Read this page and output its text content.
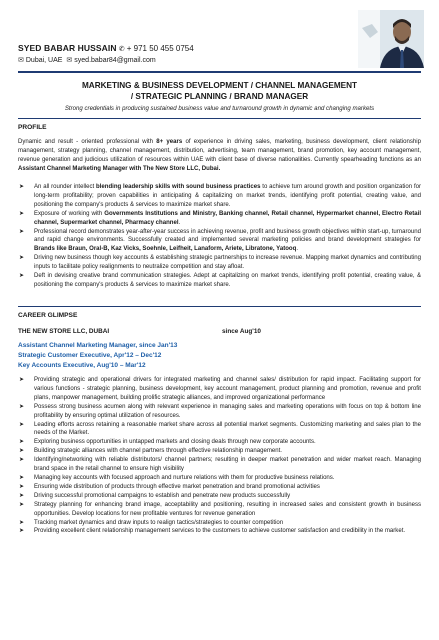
SYED BABAR HUSSAIN ✆ + 971 50 455 0754
✉ Dubai, UAE ✉ syed.babar84@gmail.com
MARKETING & BUSINESS DEVELOPMENT / CHANNEL MANAGEMENT
/ STRATEGIC PLANNING / BRAND MANAGER
Strong credentials in producing sustained business value and turnaround growth in dynamic and changing markets
PROFILE
Dynamic and result - oriented professional with 8+ years of experience in driving sales, marketing, business development, client relationship management, strategy planning, channel management, distribution, advertising, team management, brand promotion, key account management, revenue generation and judicious utilization of resources within UAE with client base of diverse nationalities. Currently spearheading functions as an Assistant Channel Marketing Manager with The New Store LLC, Dubai.
➤ An all rounder intellect blending leadership skills with sound business practices to achieve turn around growth and position organization for long-term profitability; proven capabilities in anticipating & capitalizing on market trends, identifying profit potential, creating value, and positioning the company's products & services to maximize market share.
➤ Exposure of working with Governments Institutions and Ministry, Banking channel, Retail channel, Hypermarket channel, Electro Retail channel, Supermarket channel, Pharmacy channel.
➤ Professional record demonstrates year-after-year success in achieving revenue, profit and business growth objectives within start-up, turnaround and rapid change environments. Successfully created and implemented several marketing policies and brand development strategies for Brands like Braun, Oral-B, Kaz Vicks, Soehnle, Leifheit, Lanaform, Ariete, Libratone, Yatooq.
➤ Driving new business though key accounts & establishing strategic partnerships to increase revenue. Mapping market dynamics and contributing inputs to facilitate policy realignments to neutralize competition and stay afloat.
➤ Deft in devising creative brand communication strategies. Adept at capitalizing on market trends, identifying profit potential, creating value, & positioning the company's products & services to maximize market share.
CAREER GLIMPSE
THE NEW STORE LLC, DUBAI	since Aug'10
Assistant Channel Marketing Manager, since Jan'13
Strategic Customer Executive, Apr'12 – Dec'12
Key Accounts Executive, Aug'10 – Mar'12
➤ Providing strategic and operational drivers for integrated marketing and channel sales/ distribution for rapid impact. Facilitating support for various functions - strategic planning, business development, key account management, product planning and promotion, revenue and profit plans, manpower management, building prolific strategic alliances, and improved organizational performance
➤ Possess strong business acumen along with relevant experience in managing sales and marketing operations with focus on top & bottom line profitability by ensuring optimal utilization of resources.
➤ Leading efforts across retaining a reasonable market share across all potential market segments. Customizing marketing and sales plan to the needs of the Market.
➤ Exploring business opportunities in untapped markets and closing deals through new corporate accounts.
➤ Building strategic alliances with channel partners through effective relationship management.
➤ Identifying/networking with reliable distributors/ channel partners; resulting in deeper market penetration and wider market reach. Managing brand space in the retail channel to ensure high visibility
➤ Managing key accounts with focused approach and nurture relations with them for productive business relations.
➤ Ensuring wide distribution of products through effective market penetration and brand promotional activities
➤ Driving successful promotional campaigns to establish and penetrate new products successfully
➤ Strategy planning for enhancing brand image, acceptability and positioning, resulting in increased sales and consistent growth in business opportunities. Develop locations for new profitable ventures for revenue generation
➤ Tracking market dynamics and draw inputs to realign tactics/strategies to counter competition
➤ Providing excellent client relationship management services to the customers to achieve customer satisfaction and credibility in the market.
